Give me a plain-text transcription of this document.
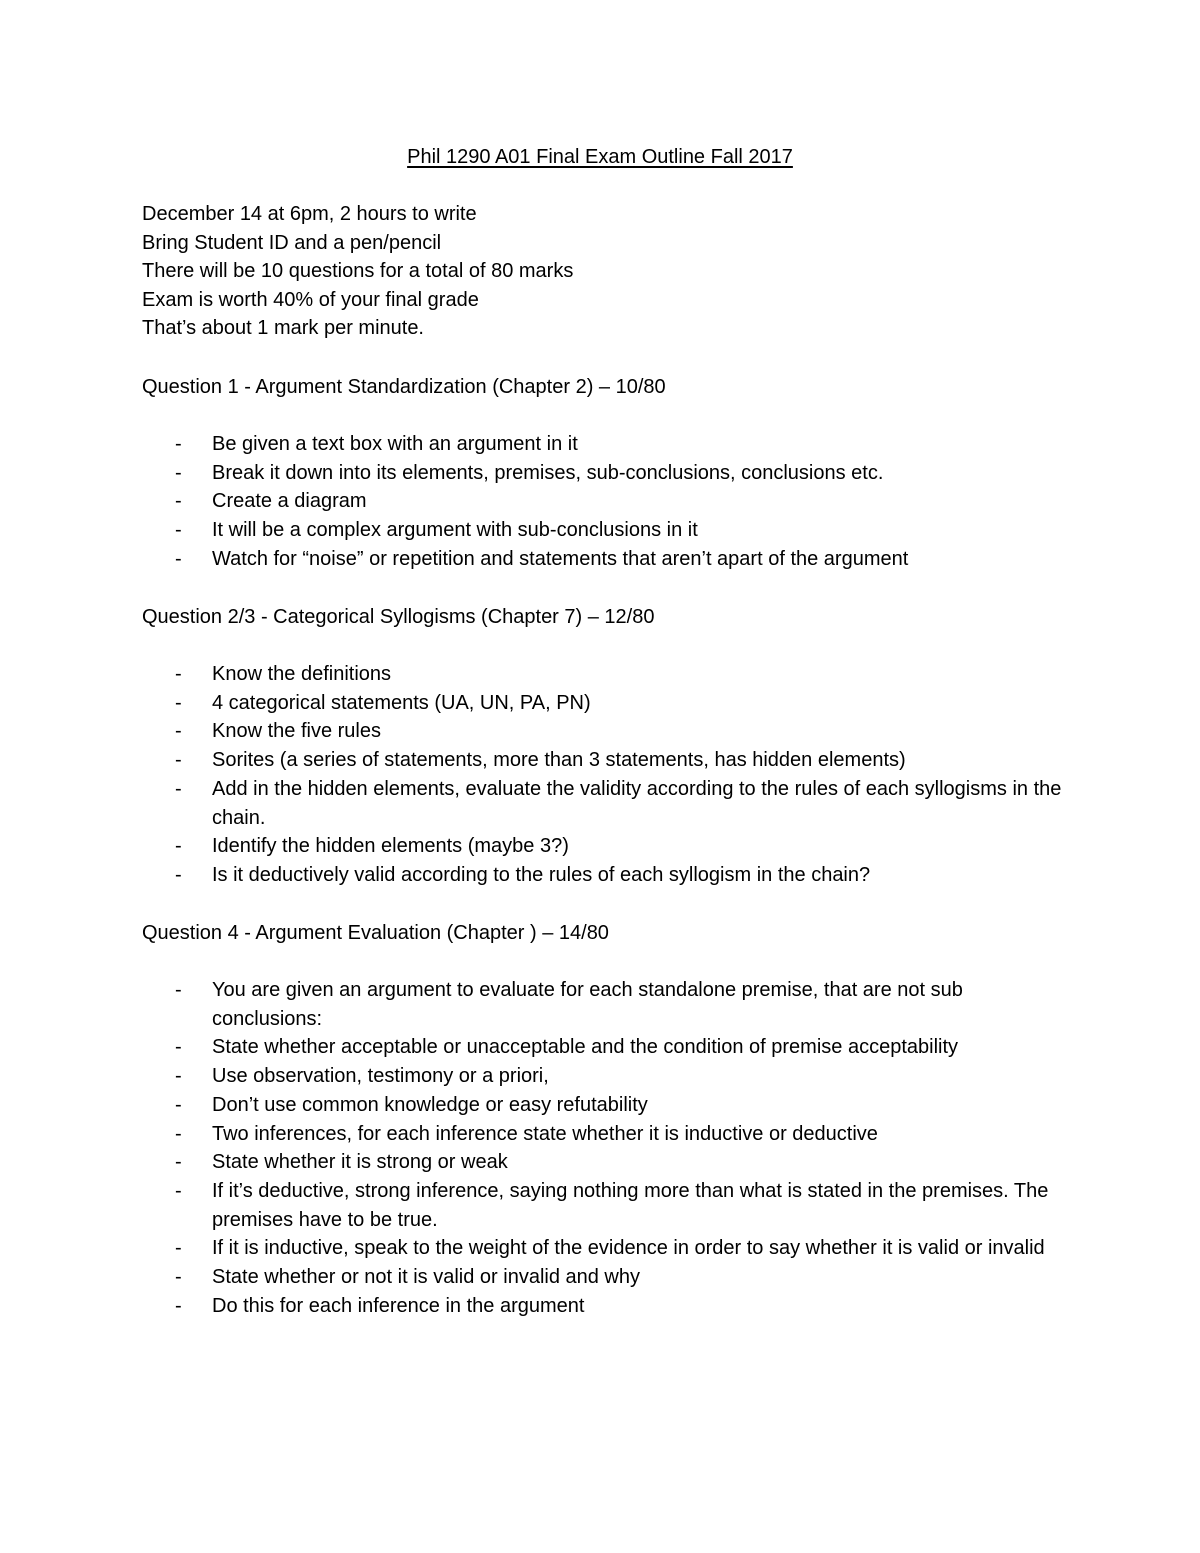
Phil 1290 A01 Final Exam Outline Fall 2017
December 14 at 6pm, 2 hours to write
Bring Student ID and a pen/pencil
There will be 10 questions for a total of 80 marks
Exam is worth 40% of your final grade
That’s about 1 mark per minute.
Question 1 - Argument Standardization (Chapter 2) – 10/80
- Be given a text box with an argument in it
- Break it down into its elements, premises, sub-conclusions, conclusions etc.
- Create a diagram
- It will be a complex argument with sub-conclusions in it
- Watch for “noise” or repetition and statements that aren’t apart of the argument
Question 2/3 - Categorical Syllogisms (Chapter 7) – 12/80
- Know the definitions
- 4 categorical statements (UA, UN, PA, PN)
- Know the five rules
- Sorites (a series of statements, more than 3 statements, has hidden elements)
- Add in the hidden elements, evaluate the validity according to the rules of each syllogisms in the chain.
- Identify the hidden elements (maybe 3?)
- Is it deductively valid according to the rules of each syllogism in the chain?
Question 4 - Argument Evaluation (Chapter ) – 14/80
- You are given an argument to evaluate for each standalone premise, that are not sub conclusions:
- State whether acceptable or unacceptable and the condition of premise acceptability
- Use observation, testimony or a priori,
- Don’t use common knowledge or easy refutability
- Two inferences, for each inference state whether it is inductive or deductive
- State whether it is strong or weak
- If it’s deductive, strong inference, saying nothing more than what is stated in the premises. The premises have to be true.
- If it is inductive, speak to the weight of the evidence in order to say whether it is valid or invalid
- State whether or not it is valid or invalid and why
- Do this for each inference in the argument
